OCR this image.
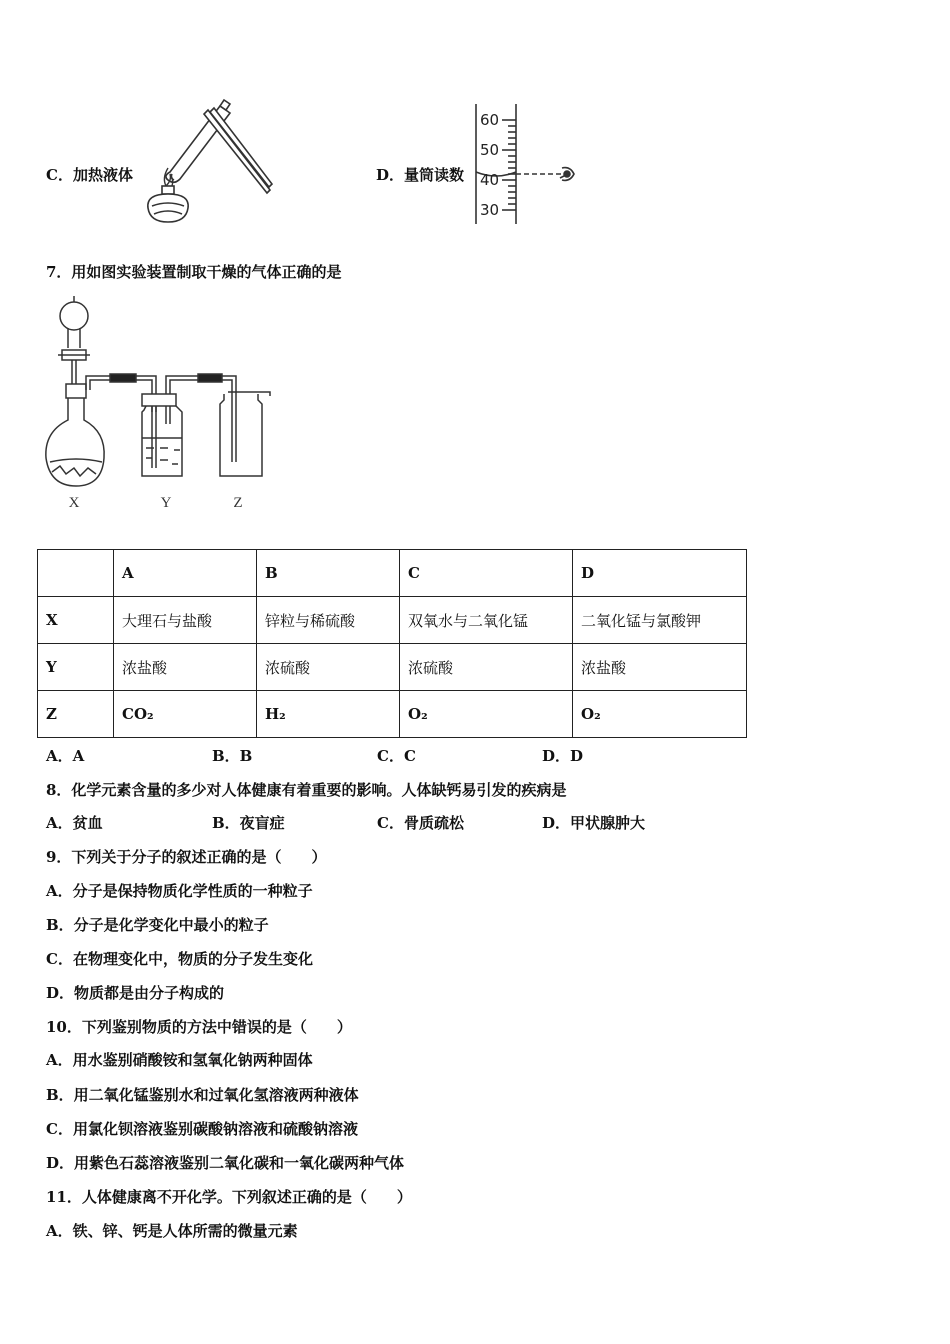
C．加热液体	D．量筒读数
60
50
40
30
7．用如图实验装置制取干燥的气体正确的是
X	Y	Z
	A	B	C	D
X	大理石与盐酸	锌粒与稀硫酸	双氧水与二氧化锰	二氧化锰与氯酸钾
Y	浓盐酸	浓硫酸	浓硫酸	浓盐酸
Z	CO₂	H₂	O₂	O₂
A．A	B．B	C．C	D．D
8．化学元素含量的多少对人体健康有着重要的影响。人体缺钙易引发的疾病是
A．贫血	B．夜盲症	C．骨质疏松	D．甲状腺肿大
9．下列关于分子的叙述正确的是（　　）
A．分子是保持物质化学性质的一种粒子
B．分子是化学变化中最小的粒子
C．在物理变化中，物质的分子发生变化
D．物质都是由分子构成的
10．下列鉴别物质的方法中错误的是（　　）
A．用水鉴别硝酸铵和氢氧化钠两种固体
B．用二氧化锰鉴别水和过氧化氢溶液两种液体
C．用氯化钡溶液鉴别碳酸钠溶液和硫酸钠溶液
D．用紫色石蕊溶液鉴别二氧化碳和一氧化碳两种气体
11．人体健康离不开化学。下列叙述正确的是（　　）
A．铁、锌、钙是人体所需的微量元素
